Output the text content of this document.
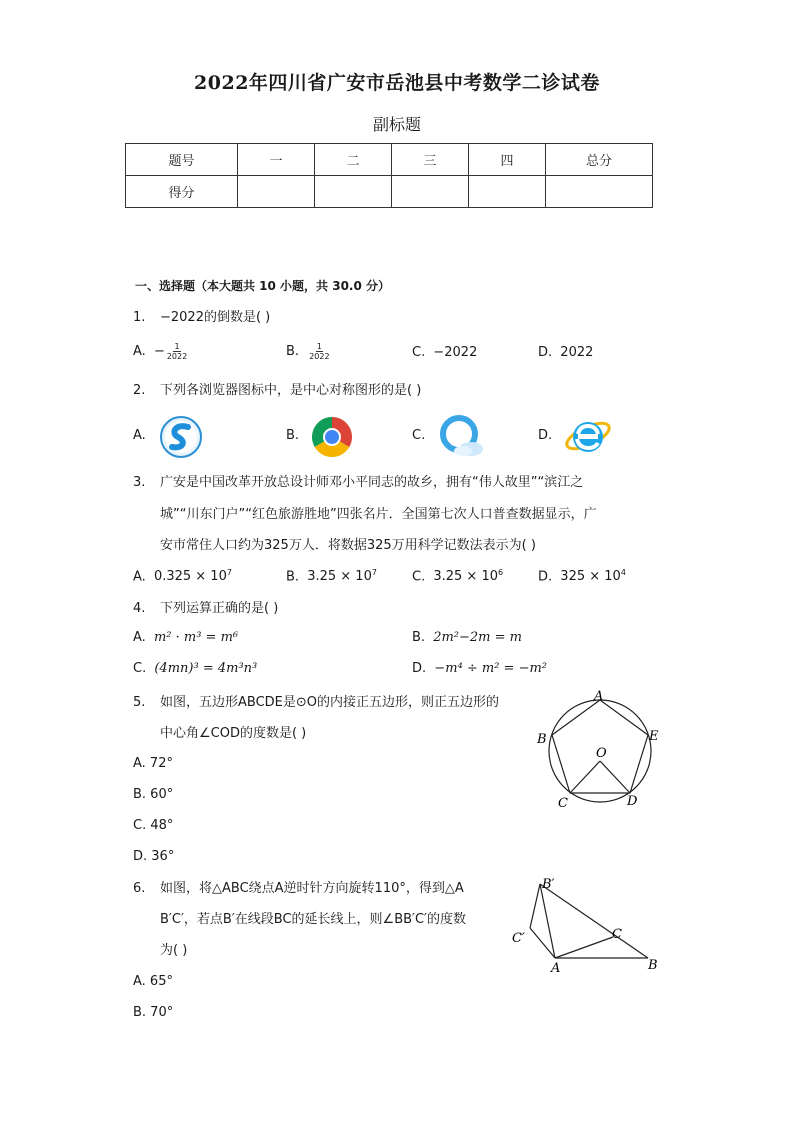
2022年四川省广安市岳池县中考数学二诊试卷
副标题
题号	一	二	三	四	总分
得分					
一、选择题（本大题共 10 小题，共 30.0 分）
1. −2022的倒数是( )
A. − $\frac{1}{2022}$	B. $\frac{1}{2022}$	C. −2022	D. 2022
2. 下列各浏览器图标中，是中心对称图形的是( )
A.	B.	C.	D.
3. 广安是中国改革开放总设计师邓小平同志的故乡，拥有“伟人故里”“滨江之
城”“川东门户”“红色旅游胜地”四张名片．全国第七次人口普查数据显示，广
安市常住人口约为325万人．将数据325万用科学记数法表示为( )
A. $0.325 \times 10^7$	B. $3.25 \times 10^7$	C. $3.25 \times 10^6$	D. $325 \times 10^4$
4. 下列运算正确的是( )
A. m² · m³ = m⁶	B. 2m²−2m = m
C. (4mn)³ = 4m³n³	D. −m⁴ ÷ m² = −m²
5. 如图，五边形ABCDE是⊙O的内接正五边形，则正五边形的
中心角∠COD的度数是( )
A. 72°
B. 60°
C. 48°
D. 36°
A
B
C	D
E
O
6. 如图，将△ABC绕点A逆时针方向旋转110°，得到△A
B′C′，若点B′在线段BC的延长线上，则∠BB′C′的度数
为( )
A. 65°
B. 70°
B′
C′
A
C
B
